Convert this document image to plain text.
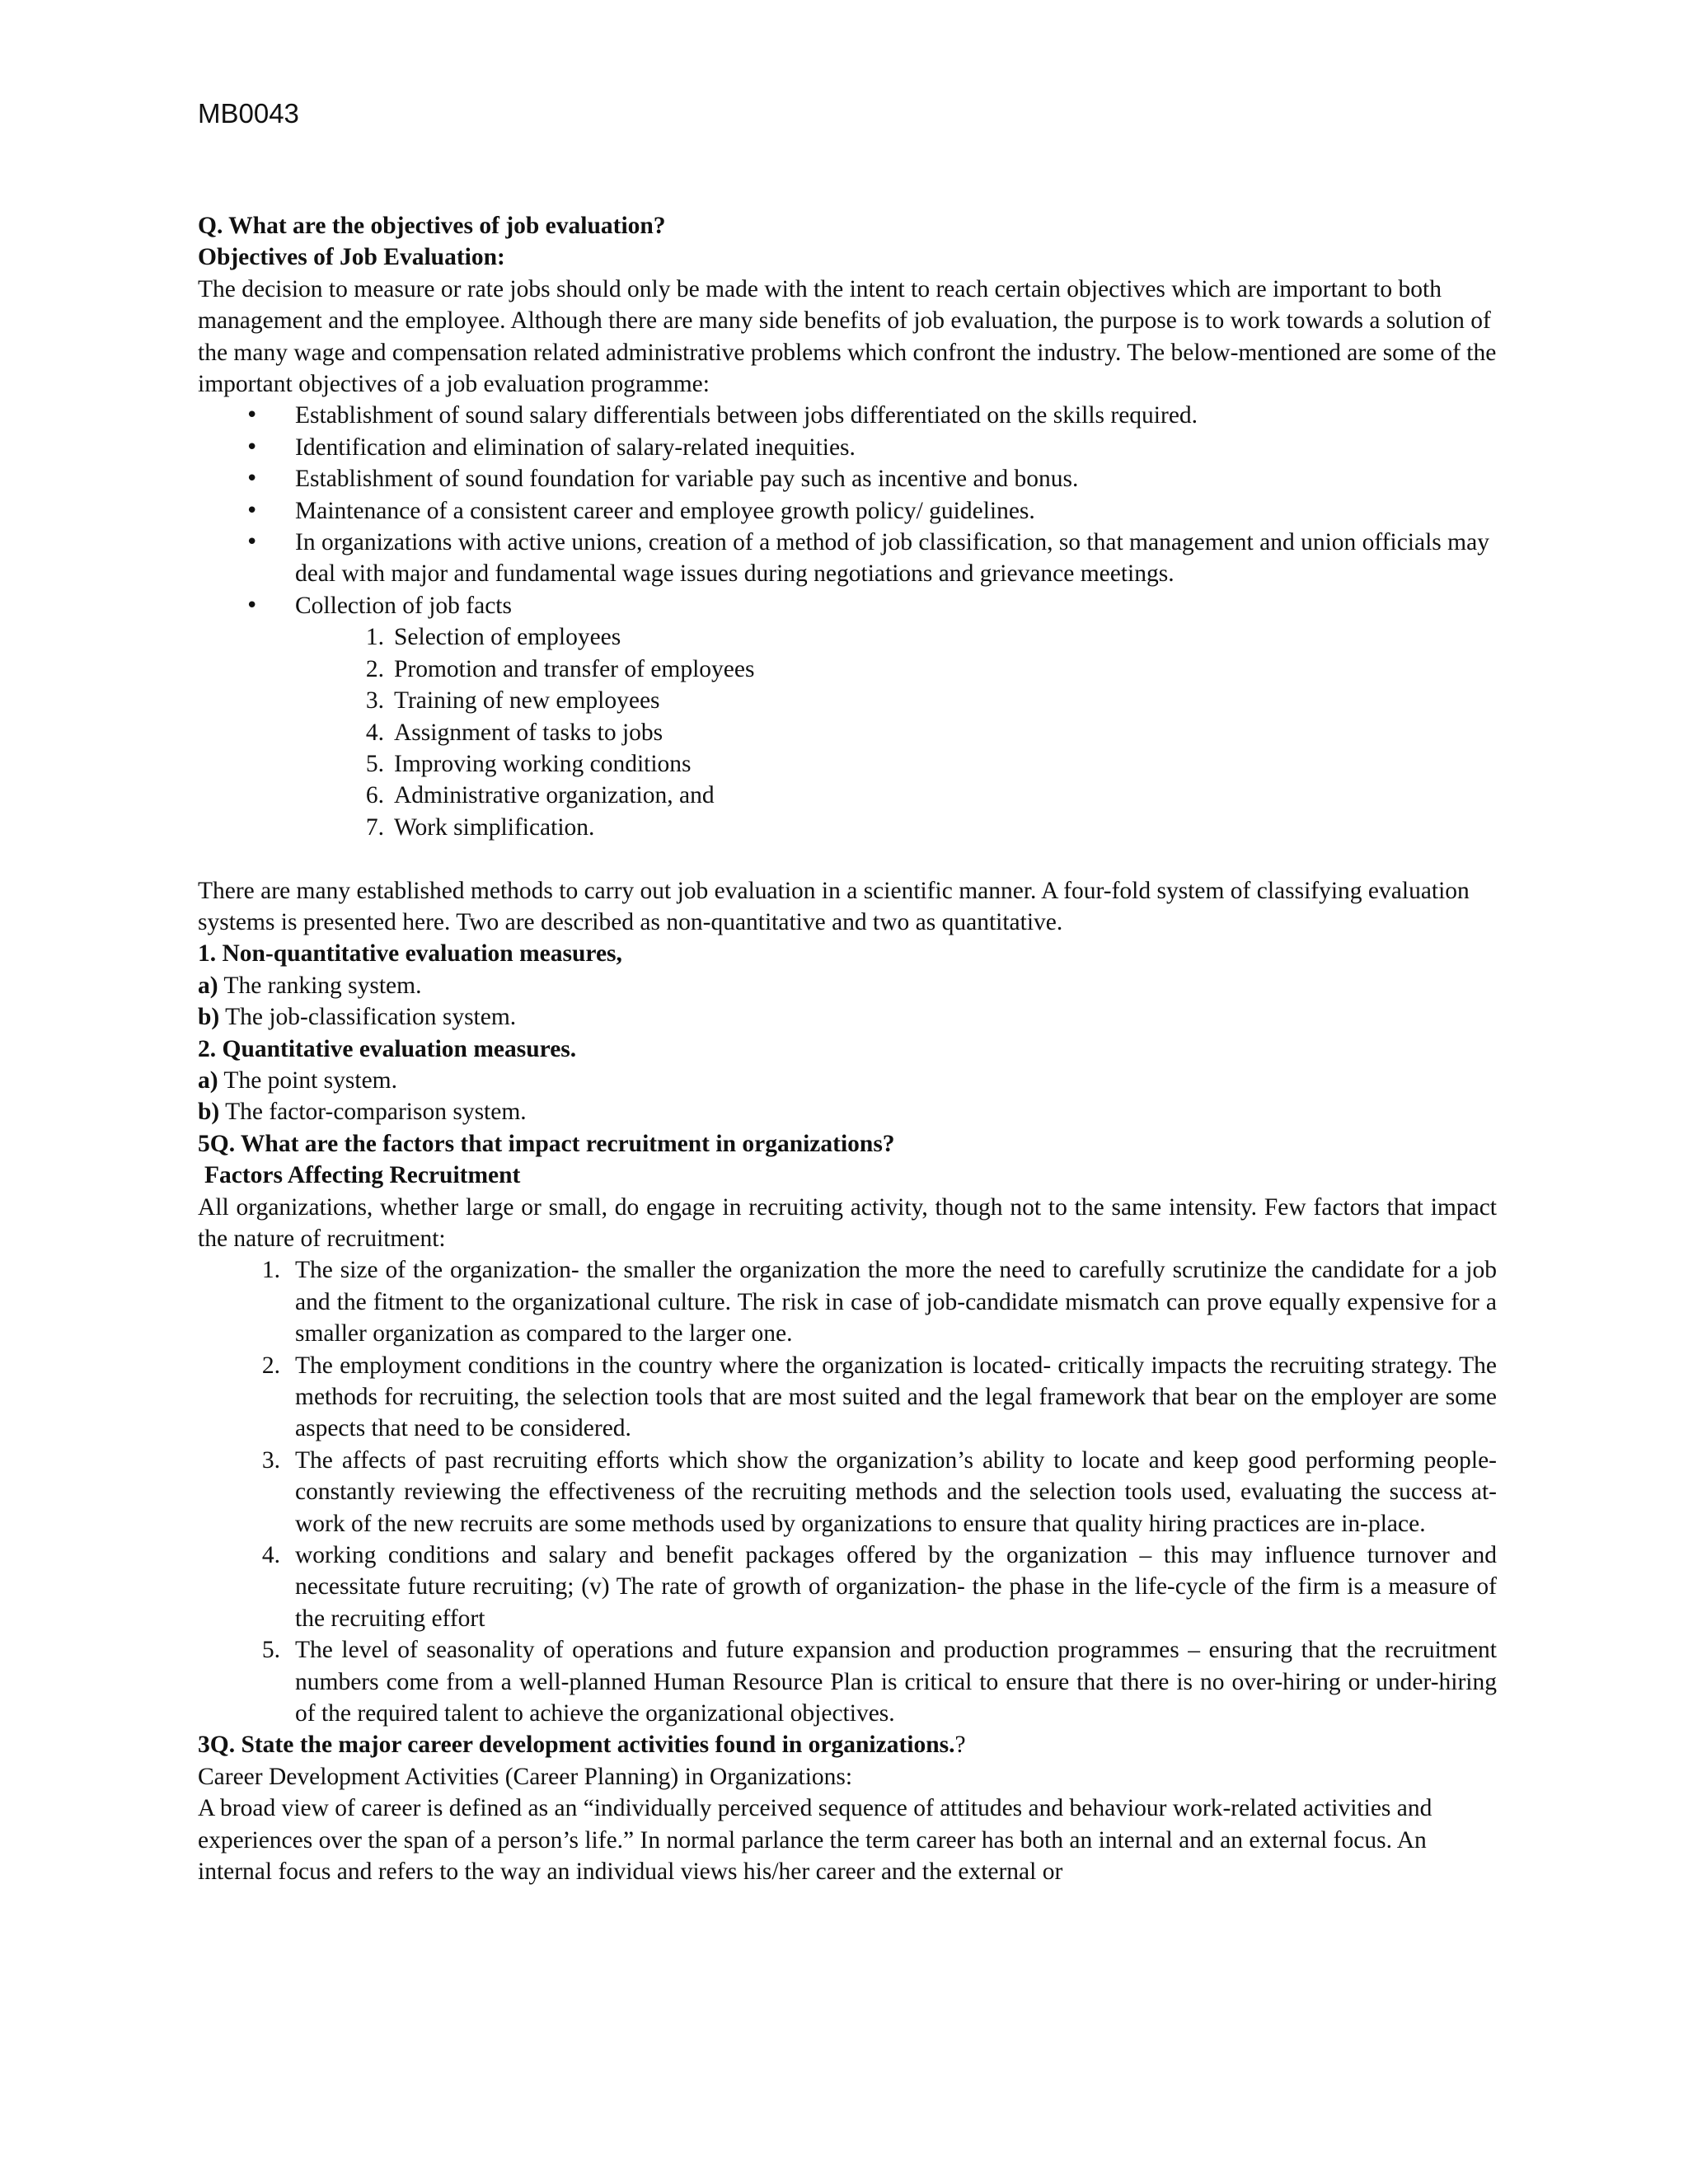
MB0043

Q. What are the objectives of job evaluation?

Objectives of Job Evaluation:

The decision to measure or rate jobs should only be made with the intent to reach certain objectives which are important to both management and the employee. Although there are many side benefits of job evaluation, the purpose is to work towards a solution of the many wage and compensation related administrative problems which confront the industry. The below-mentioned are some of the important objectives of a job evaluation programme:

• Establishment of sound salary differentials between jobs differentiated on the skills required.
• Identification and elimination of salary-related inequities.
• Establishment of sound foundation for variable pay such as incentive and bonus.
• Maintenance of a consistent career and employee growth policy/ guidelines.
• In organizations with active unions, creation of a method of job classification, so that management and union officials may deal with major and fundamental wage issues during negotiations and grievance meetings.
• Collection of job facts
1. Selection of employees
2. Promotion and transfer of employees
3. Training of new employees
4. Assignment of tasks to jobs
5. Improving working conditions
6. Administrative organization, and
7. Work simplification.

There are many established methods to carry out job evaluation in a scientific manner. A four-fold system of classifying evaluation systems is presented here. Two are described as non-quantitative and two as quantitative.

1. Non-quantitative evaluation measures,

a) The ranking system.

b) The job-classification system.

2. Quantitative evaluation measures.

a) The point system.

b) The factor-comparison system.

5Q. What are the factors that impact recruitment in organizations?

Factors Affecting Recruitment

All organizations, whether large or small, do engage in recruiting activity, though not to the same intensity. Few factors that impact the nature of recruitment:

1. The size of the organization- the smaller the organization the more the need to carefully scrutinize the candidate for a job and the fitment to the organizational culture. The risk in case of job-candidate mismatch can prove equally expensive for a smaller organization as compared to the larger one.
2. The employment conditions in the country where the organization is located- critically impacts the recruiting strategy. The methods for recruiting, the selection tools that are most suited and the legal framework that bear on the employer are some aspects that need to be considered.
3. The affects of past recruiting efforts which show the organization’s ability to locate and keep good performing people- constantly reviewing the effectiveness of the recruiting methods and the selection tools used, evaluating the success at-work of the new recruits are some methods used by organizations to ensure that quality hiring practices are in-place.
4. working conditions and salary and benefit packages offered by the organization – this may influence turnover and necessitate future recruiting; (v) The rate of growth of organization- the phase in the life-cycle of the firm is a measure of the recruiting effort
5. The level of seasonality of operations and future expansion and production programmes – ensuring that the recruitment numbers come from a well-planned Human Resource Plan is critical to ensure that there is no over-hiring or under-hiring of the required talent to achieve the organizational objectives.

3Q. State the major career development activities found in organizations.?

Career Development Activities (Career Planning) in Organizations:

A broad view of career is defined as an “individually perceived sequence of attitudes and behaviour work-related activities and experiences over the span of a person’s life.” In normal parlance the term career has both an internal and an external focus. An internal focus and refers to the way an individual views his/her career and the external or
